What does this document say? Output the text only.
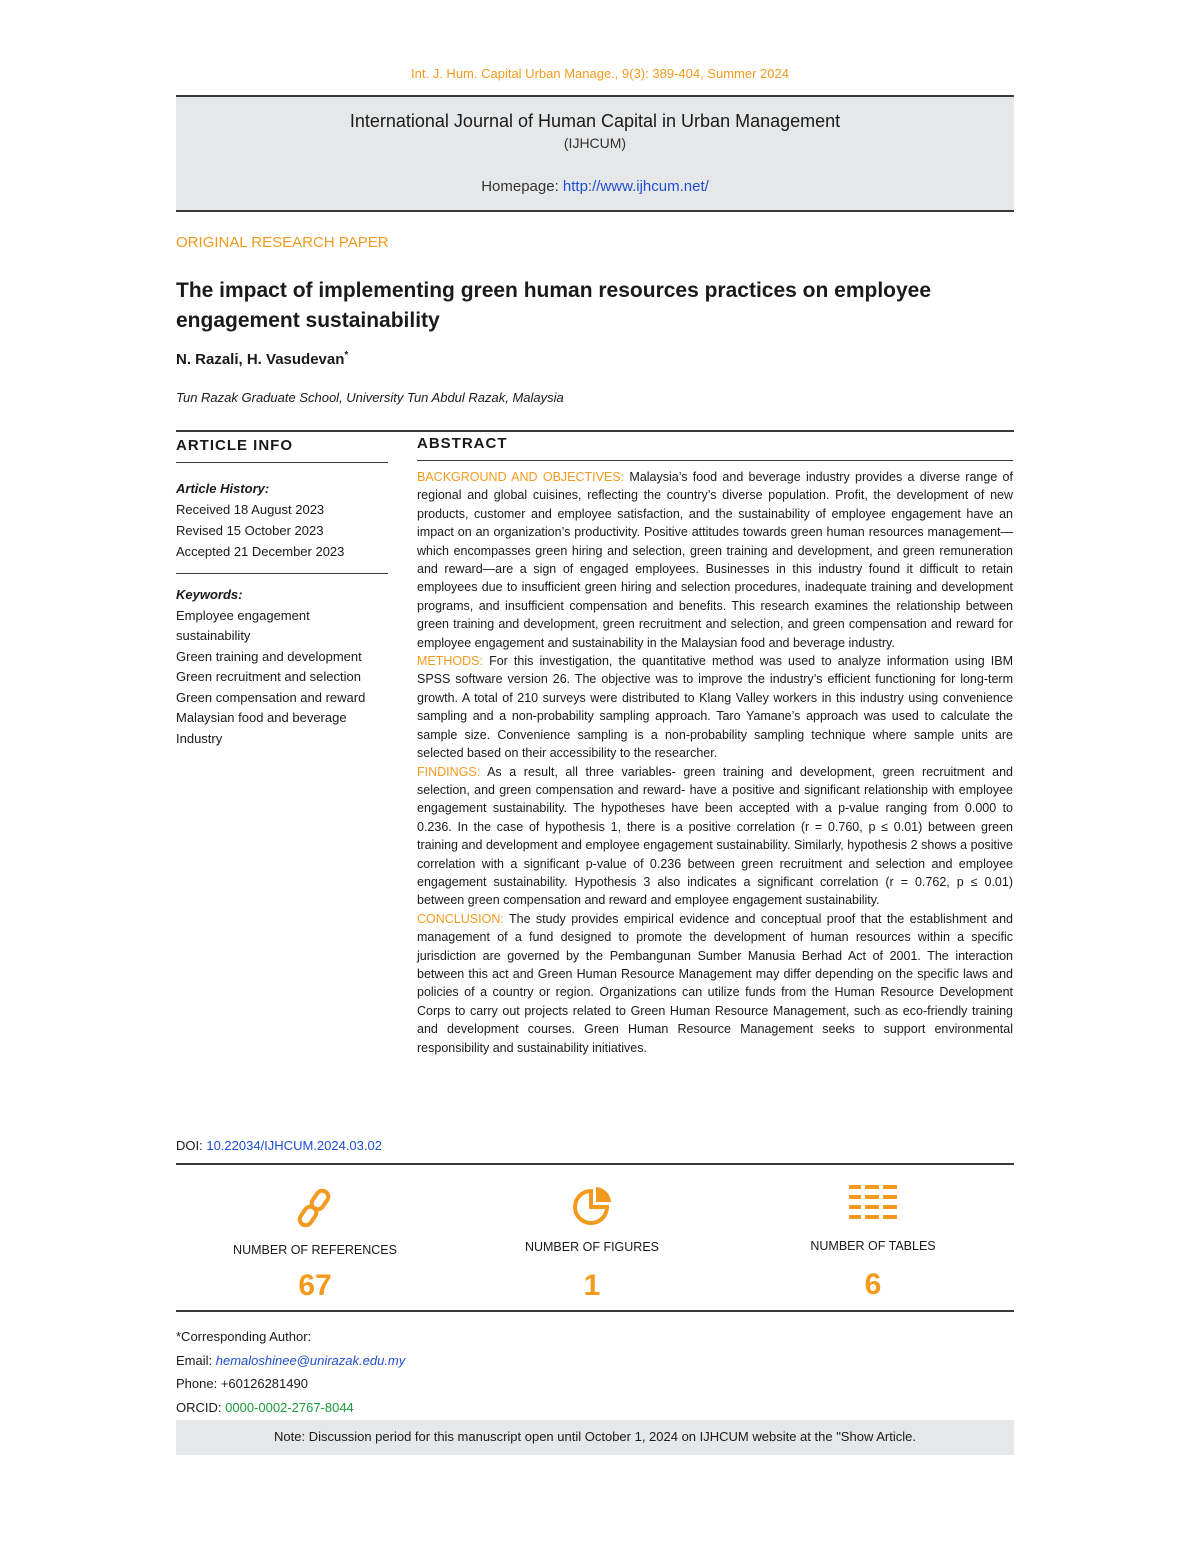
Int. J. Hum. Capital Urban Manage., 9(3): 389-404, Summer 2024
International Journal of Human Capital in Urban Management
(IJHCUM)
Homepage: http://www.ijhcum.net/
ORIGINAL RESEARCH PAPER
The impact of implementing green human resources practices on employee engagement sustainability
N. Razali, H. Vasudevan*
Tun Razak Graduate School, University Tun Abdul Razak, Malaysia
ARTICLE INFO
Article History:
Received 18 August 2023
Revised 15 October 2023
Accepted 21 December 2023
Keywords:
Employee engagement sustainability
Green training and development
Green recruitment and selection
Green compensation and reward
Malaysian food and beverage Industry
DOI: 10.22034/IJHCUM.2024.03.02
ABSTRACT

BACKGROUND AND OBJECTIVES: Malaysia’s food and beverage industry provides a diverse range of regional and global cuisines, reflecting the country’s diverse population. Profit, the development of new products, customer and employee satisfaction, and the sustainability of employee engagement have an impact on an organization’s productivity. Positive attitudes towards green human resources management—which encompasses green hiring and selection, green training and development, and green remuneration and reward—are a sign of engaged employees. Businesses in this industry found it difficult to retain employees due to insufficient green hiring and selection procedures, inadequate training and development programs, and insufficient compensation and benefits. This research examines the relationship between green training and development, green recruitment and selection, and green compensation and reward for employee engagement and sustainability in the Malaysian food and beverage industry.

METHODS: For this investigation, the quantitative method was used to analyze information using IBM SPSS software version 26. The objective was to improve the industry’s efficient functioning for long-term growth. A total of 210 surveys were distributed to Klang Valley workers in this industry using convenience sampling and a non-probability sampling approach. Taro Yamane’s approach was used to calculate the sample size. Convenience sampling is a non-probability sampling technique where sample units are selected based on their accessibility to the researcher.

FINDINGS: As a result, all three variables- green training and development, green recruitment and selection, and green compensation and reward- have a positive and significant relationship with employee engagement sustainability. The hypotheses have been accepted with a p-value ranging from 0.000 to 0.236. In the case of hypothesis 1, there is a positive correlation (r = 0.760, p ≤ 0.01) between green training and development and employee engagement sustainability. Similarly, hypothesis 2 shows a positive correlation with a significant p-value of 0.236 between green recruitment and selection and employee engagement sustainability. Hypothesis 3 also indicates a significant correlation (r = 0.762, p ≤ 0.01) between green compensation and reward and employee engagement sustainability.

CONCLUSION: The study provides empirical evidence and conceptual proof that the establishment and management of a fund designed to promote the development of human resources within a specific jurisdiction are governed by the Pembangunan Sumber Manusia Berhad Act of 2001. The interaction between this act and Green Human Resource Management may differ depending on the specific laws and policies of a country or region. Organizations can utilize funds from the Human Resource Development Corps to carry out projects related to Green Human Resource Management, such as eco-friendly training and development courses. Green Human Resource Management seeks to support environmental responsibility and sustainability initiatives.

NUMBER OF REFERENCES
67
NUMBER OF FIGURES
1
NUMBER OF TABLES
6
*Corresponding Author:
Email: hemaloshinee@unirazak.edu.my
Phone: +60126281490
ORCID: 0000-0002-2767-8044
Note: Discussion period for this manuscript open until October 1, 2024 on IJHCUM website at the "Show Article.
